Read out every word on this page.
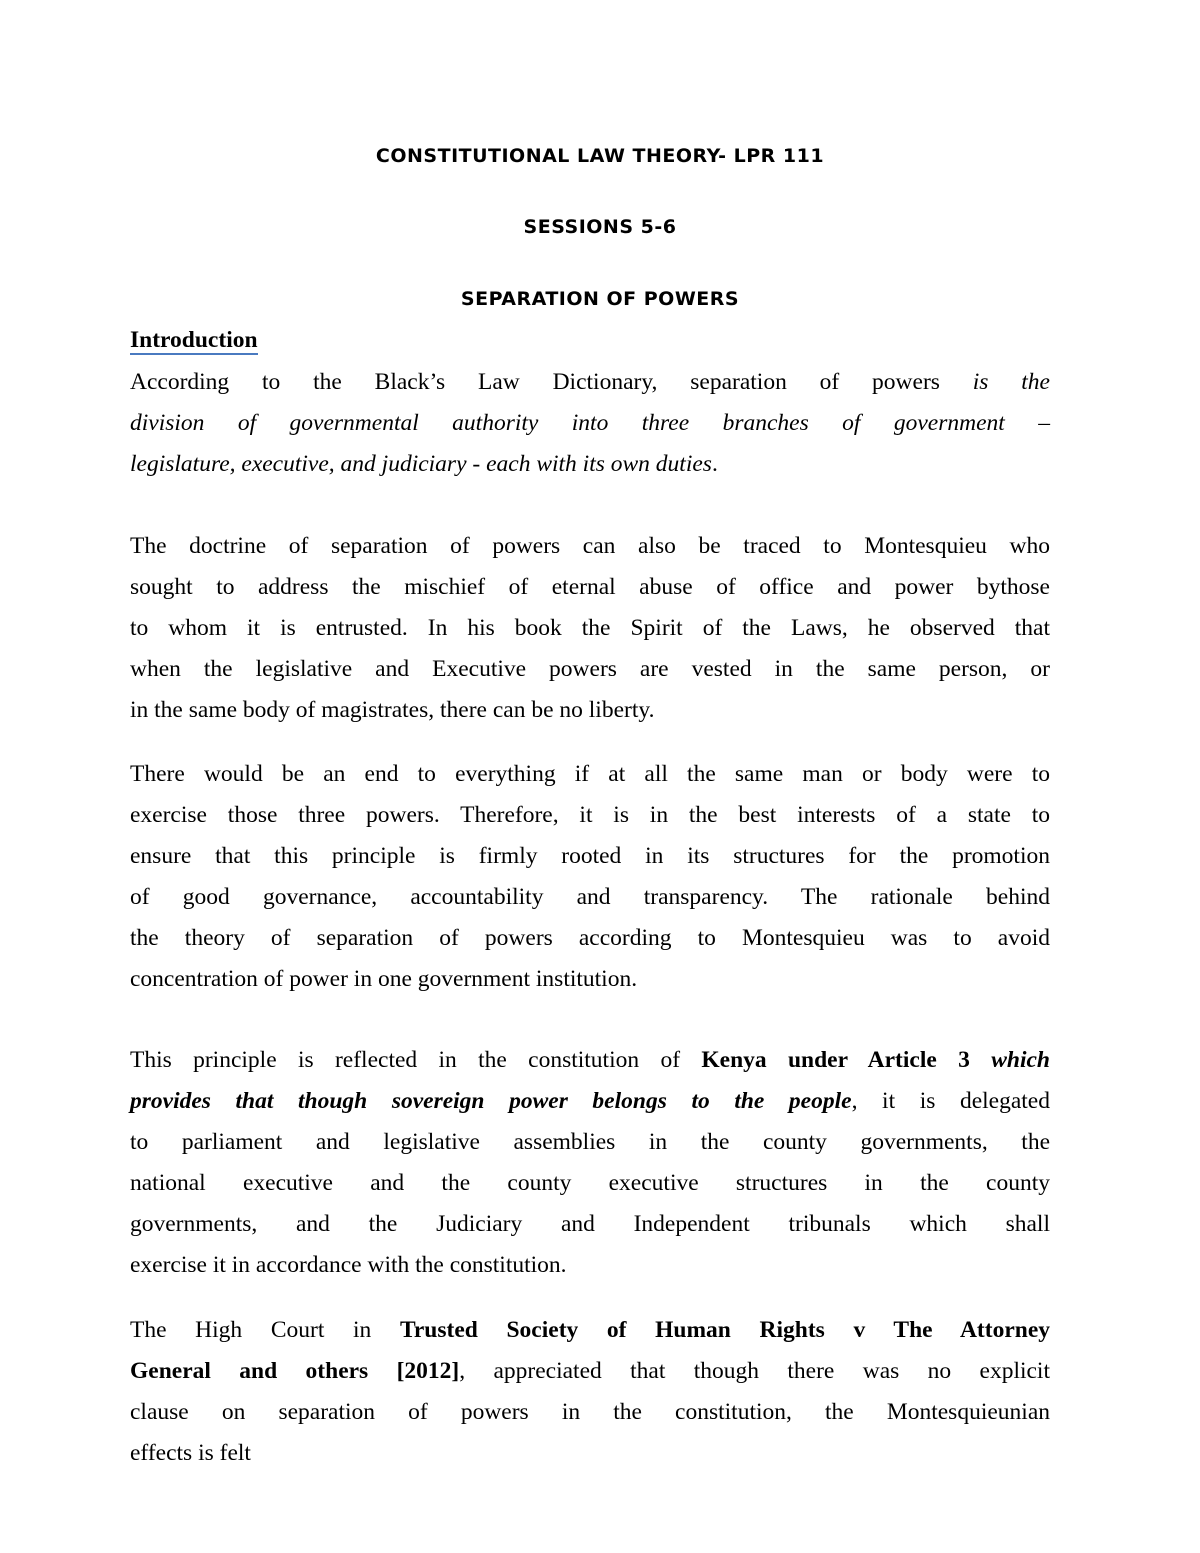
CONSTITUTIONAL LAW THEORY- LPR 111
SESSIONS 5-6
SEPARATION OF POWERS
Introduction
According to the Black’s Law Dictionary, separation of powers is the
division of governmental authority into three branches of government –
legislature, executive, and judiciary - each with its own duties.
The doctrine of separation of powers can also be traced to Montesquieu who
sought to address the mischief of eternal abuse of office and power bythose
to whom it is entrusted. In his book the Spirit of the Laws, he observed that
when the legislative and Executive powers are vested in the same person, or
in the same body of magistrates, there can be no liberty.
There would be an end to everything if at all the same man or body were to
exercise those three powers. Therefore, it is in the best interests of a state to
ensure that this principle is firmly rooted in its structures for the promotion
of good governance, accountability and transparency. The rationale behind
the theory of separation of powers according to Montesquieu was to avoid
concentration of power in one government institution.
This principle is reflected in the constitution of Kenya under Article 3 which
provides that though sovereign power belongs to the people, it is delegated
to parliament and legislative assemblies in the county governments, the
national executive and the county executive structures in the county
governments, and the Judiciary and Independent tribunals which shall
exercise it in accordance with the constitution.
The High Court in Trusted Society of Human Rights v The Attorney
General and others [2012], appreciated that though there was no explicit
clause on separation of powers in the constitution, the Montesquieunian
effects is felt
